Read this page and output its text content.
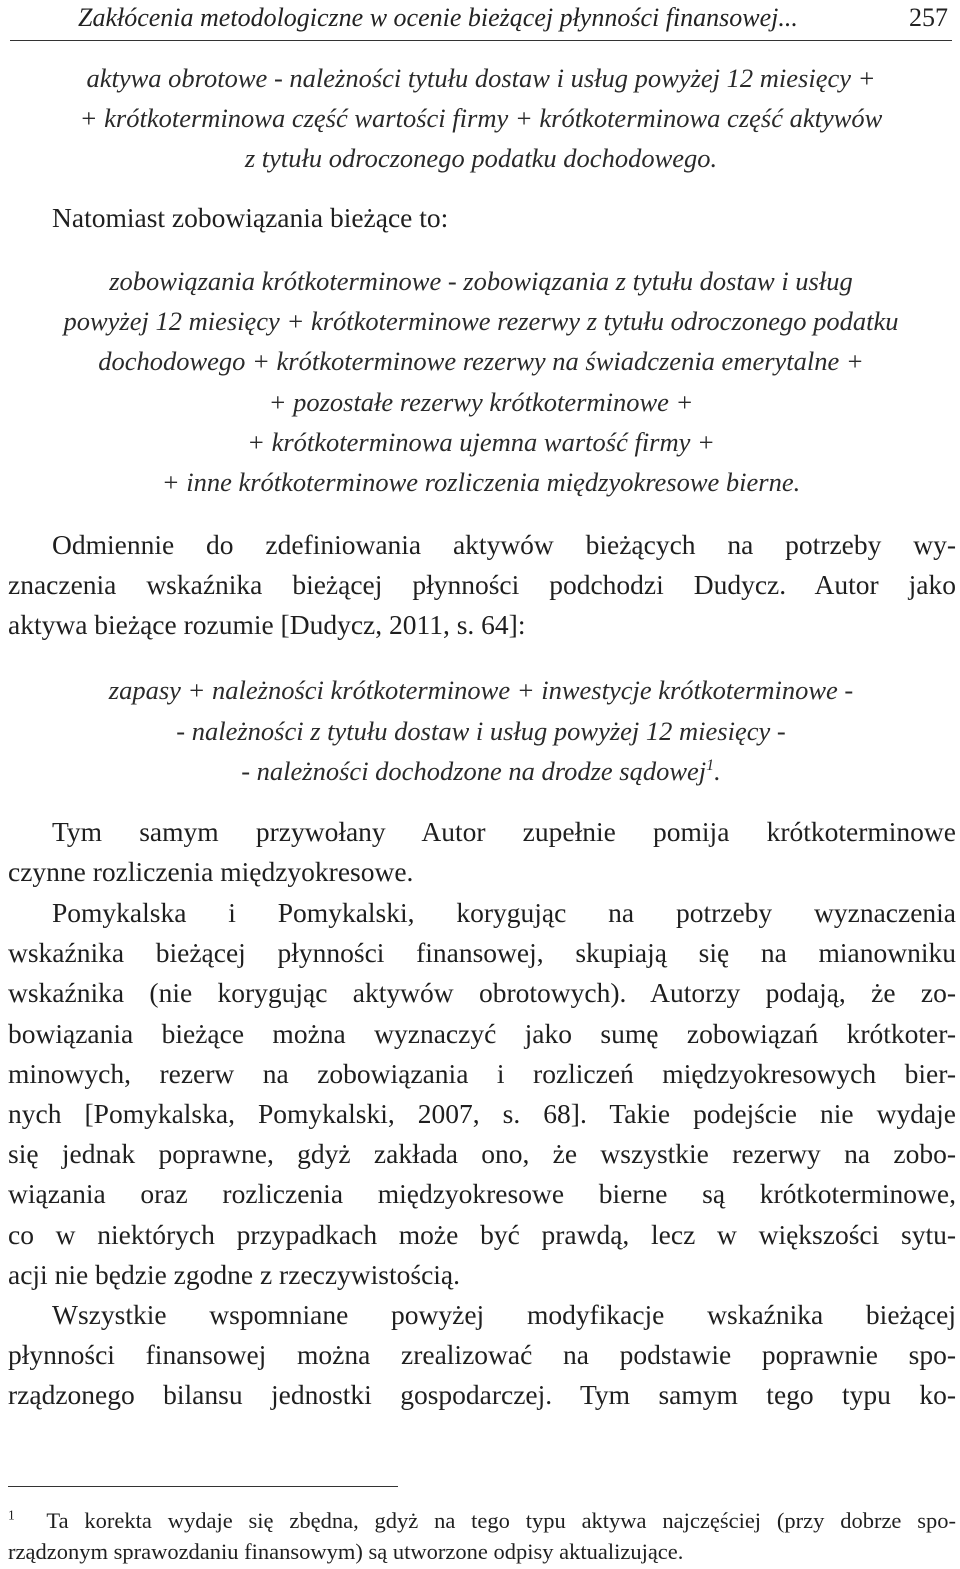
Zakłócenia metodologiczne w ocenie bieżącej płynności finansowej...	257
aktywa obrotowe - należności tytułu dostaw i usług powyżej 12 miesięcy +
+ krótkoterminowa część wartości firmy + krótkoterminowa część aktywów
z tytułu odroczonego podatku dochodowego.
Natomiast zobowiązania bieżące to:
zobowiązania krótkoterminowe - zobowiązania z tytułu dostaw i usług
powyżej 12 miesięcy + krótkoterminowe rezerwy z tytułu odroczonego podatku
dochodowego + krótkoterminowe rezerwy na świadczenia emerytalne +
+ pozostałe rezerwy krótkoterminowe +
+ krótkoterminowa ujemna wartość firmy +
+ inne krótkoterminowe rozliczenia międzyokresowe bierne.
Odmiennie do zdefiniowania aktywów bieżących na potrzeby wy-
znaczenia wskaźnika bieżącej płynności podchodzi Dudycz. Autor jako
aktywa bieżące rozumie [Dudycz, 2011, s. 64]:
zapasy + należności krótkoterminowe + inwestycje krótkoterminowe -
- należności z tytułu dostaw i usług powyżej 12 miesięcy -
- należności dochodzone na drodze sądowej$^1$.
Tym samym przywołany Autor zupełnie pomija krótkoterminowe
czynne rozliczenia międzyokresowe.
Pomykalska i Pomykalski, korygując na potrzeby wyznaczenia
wskaźnika bieżącej płynności finansowej, skupiają się na mianowniku
wskaźnika (nie korygując aktywów obrotowych). Autorzy podają, że zo-
bowiązania bieżące można wyznaczyć jako sumę zobowiązań krótkoter-
minowych, rezerw na zobowiązania i rozliczeń międzyokresowych bier-
nych [Pomykalska, Pomykalski, 2007, s. 68]. Takie podejście nie wydaje
się jednak poprawne, gdyż zakłada ono, że wszystkie rezerwy na zobo-
wiązania oraz rozliczenia międzyokresowe bierne są krótkoterminowe,
co w niektórych przypadkach może być prawdą, lecz w większości sytu-
acji nie będzie zgodne z rzeczywistością.
Wszystkie wspomniane powyżej modyfikacje wskaźnika bieżącej
płynności finansowej można zrealizować na podstawie poprawnie spo-
rządzonego bilansu jednostki gospodarczej. Tym samym tego typu ko-
$^1$ Ta korekta wydaje się zbędna, gdyż na tego typu aktywa najczęściej (przy dobrze spo-
rządzonym sprawozdaniu finansowym) są utworzone odpisy aktualizujące.
